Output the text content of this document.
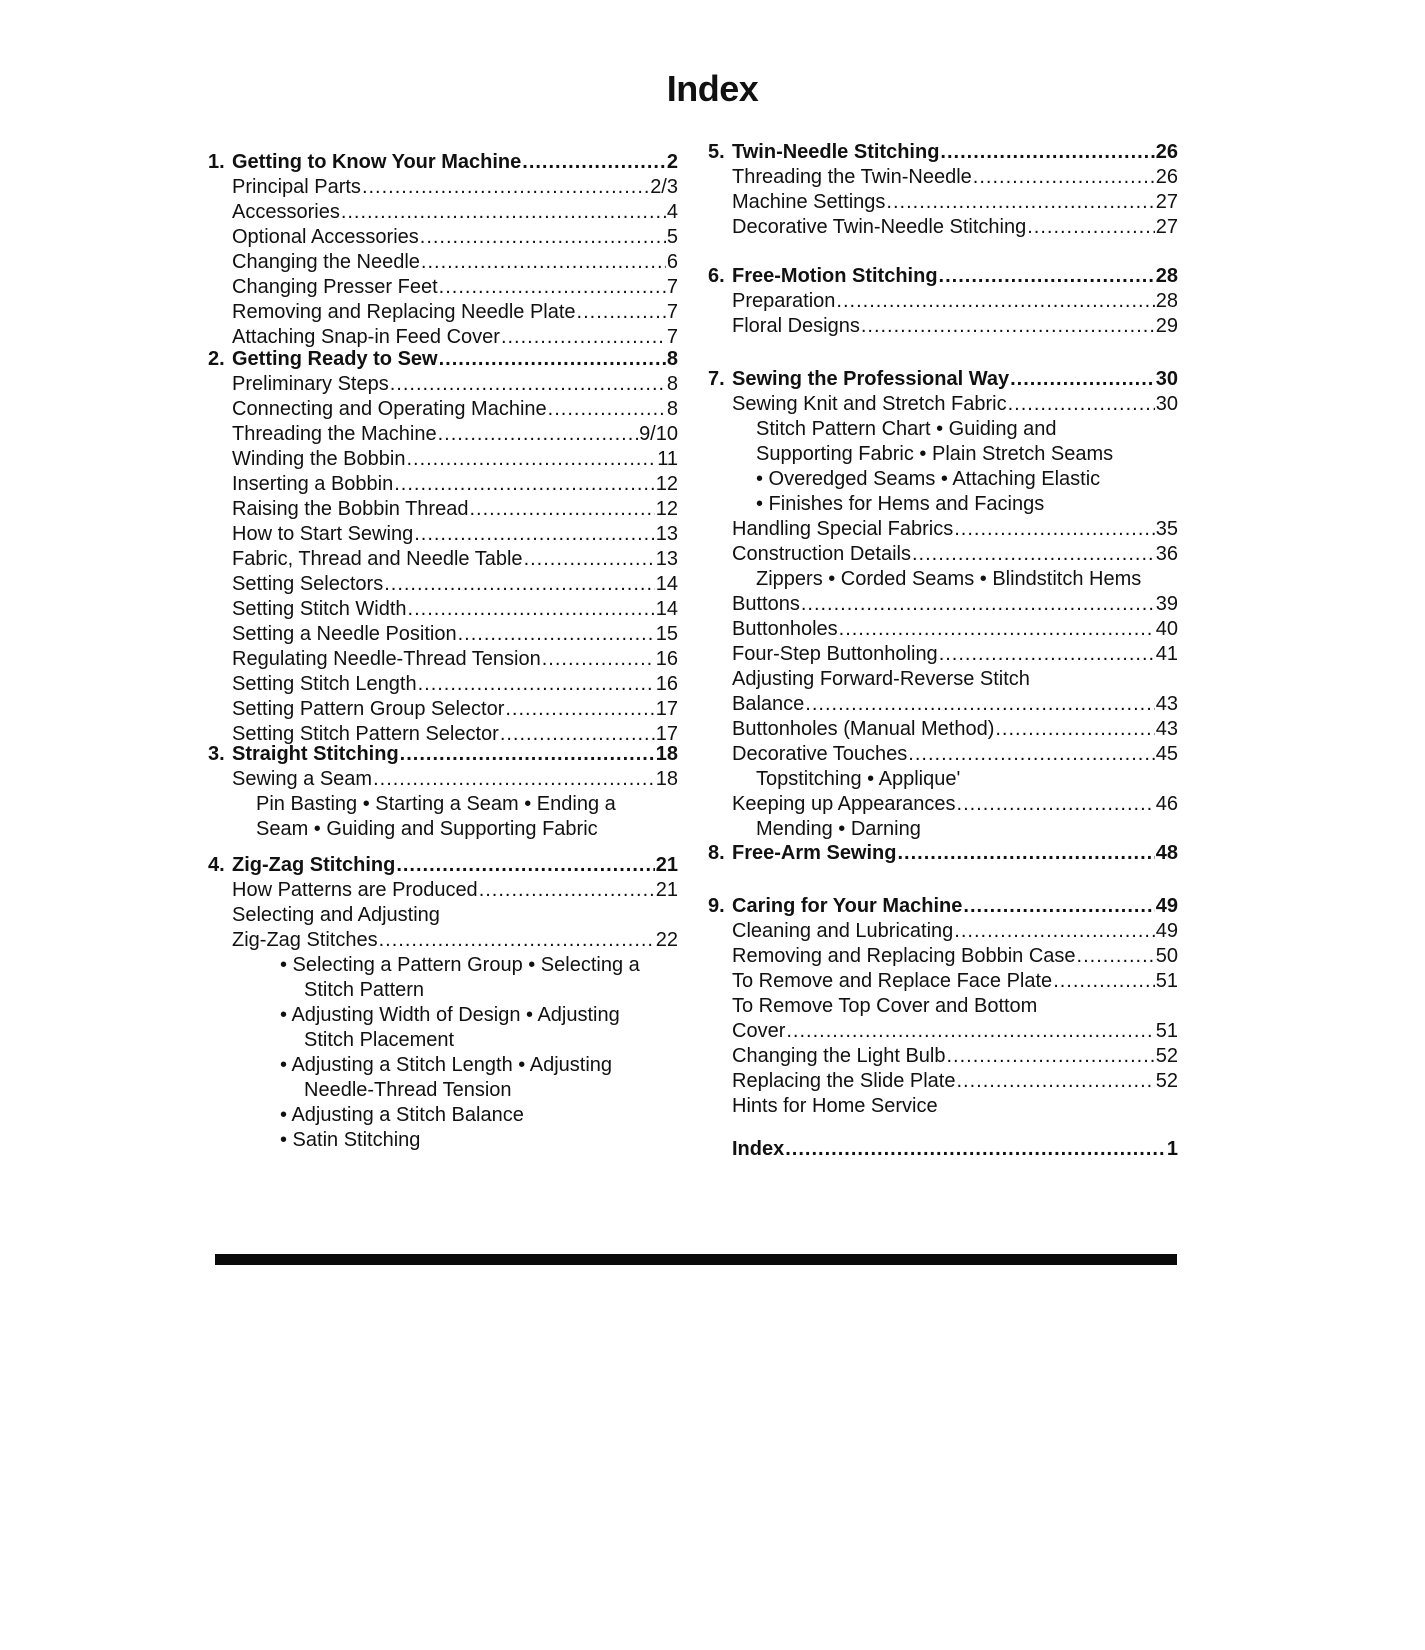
Index
1. Getting to Know Your Machine .....	2
Principal Parts .....	2/3
Accessories .....	4
Optional Accessories .....	5
Changing the Needle .....	6
Changing Presser Feet .....	7
Removing and Replacing Needle Plate .....	7
Attaching Snap-in Feed Cover .....	7
2. Getting Ready to Sew .....	8
Preliminary Steps .....	8
Connecting and Operating Machine .....	8
Threading the Machine .....	9/10
Winding the Bobbin .....	11
Inserting a Bobbin .....	12
Raising the Bobbin Thread .....	12
How to Start Sewing .....	13
Fabric, Thread and Needle Table .....	13
Setting Selectors .....	14
Setting Stitch Width .....	14
Setting a Needle Position .....	15
Regulating Needle-Thread Tension .....	16
Setting Stitch Length .....	16
Setting Pattern Group Selector .....	17
Setting Stitch Pattern Selector .....	17
3. Straight Stitching .....	18
Sewing a Seam .....	18
Pin Basting • Starting a Seam • Ending a
Seam • Guiding and Supporting Fabric
4. Zig-Zag Stitching .....	21
How Patterns are Produced .....	21
Selecting and Adjusting
Zig-Zag Stitches .....	22
• Selecting a Pattern Group • Selecting a
Stitch Pattern
• Adjusting Width of Design • Adjusting
Stitch Placement
• Adjusting a Stitch Length • Adjusting
Needle-Thread Tension
• Adjusting a Stitch Balance
• Satin Stitching
5. Twin-Needle Stitching .....	26
Threading the Twin-Needle .....	26
Machine Settings .....	27
Decorative Twin-Needle Stitching .....	27
6. Free-Motion Stitching .....	28
Preparation .....	28
Floral Designs .....	29
7. Sewing the Professional Way .....	30
Sewing Knit and Stretch Fabric .....	30
Stitch Pattern Chart • Guiding and
Supporting Fabric • Plain Stretch Seams
• Overedged Seams • Attaching Elastic
• Finishes for Hems and Facings
Handling Special Fabrics .....	35
Construction Details .....	36
Zippers • Corded Seams • Blindstitch Hems
Buttons .....	39
Buttonholes .....	40
Four-Step Buttonholing .....	41
Adjusting Forward-Reverse Stitch
Balance .....	43
Buttonholes (Manual Method) .....	43
Decorative Touches .....	45
Topstitching • Applique'
Keeping up Appearances .....	46
Mending • Darning
8. Free-Arm Sewing .....	48
9. Caring for Your Machine .....	49
Cleaning and Lubricating .....	49
Removing and Replacing Bobbin Case .....	50
To Remove and Replace Face Plate .....	51
To Remove Top Cover and Bottom
Cover .....	51
Changing the Light Bulb .....	52
Replacing the Slide Plate .....	52
Hints for Home Service
Index .....	1
